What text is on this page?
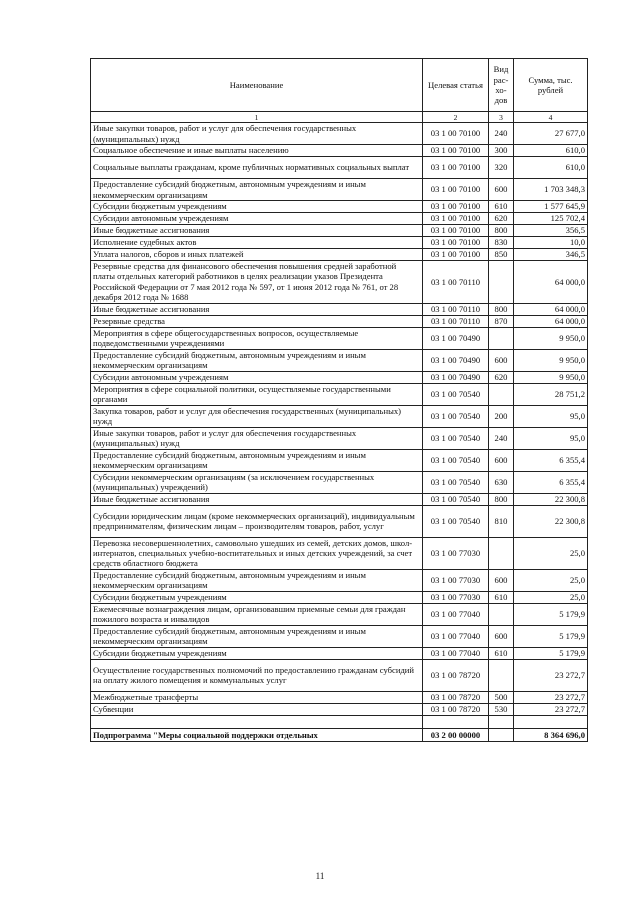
Наименование	Целевая статья	Вид рас-хо-дов	Сумма, тыс. рублей
1	2	3	4
Иные закупки товаров, работ и услуг для обеспечения государственных (муниципальных) нужд	03 1 00 70100	240	27 677,0
Социальное обеспечение и иные выплаты населению	03 1 00 70100	300	610,0
Социальные выплаты гражданам, кроме публичных нормативных социальных выплат	03 1 00 70100	320	610,0
Предоставление субсидий бюджетным, автономным учреждениям и иным некоммерческим организациям	03 1 00 70100	600	1 703 348,3
Субсидии бюджетным учреждениям	03 1 00 70100	610	1 577 645,9
Субсидии автономным учреждениям	03 1 00 70100	620	125 702,4
Иные бюджетные ассигнования	03 1 00 70100	800	356,5
Исполнение судебных актов	03 1 00 70100	830	10,0
Уплата налогов, сборов и иных платежей	03 1 00 70100	850	346,5
Резервные средства для финансового обеспечения повышения средней заработной платы отдельных категорий работников в целях реализации указов Президента Российской Федерации от 7 мая 2012 года № 597, от 1 июня 2012 года № 761, от 28 декабря 2012 года № 1688	03 1 00 70110		64 000,0
Иные бюджетные ассигнования	03 1 00 70110	800	64 000,0
Резервные средства	03 1 00 70110	870	64 000,0
Мероприятия в сфере общегосударственных вопросов, осуществляемые подведомственными учреждениями	03 1 00 70490		9 950,0
Предоставление субсидий бюджетным, автономным учреждениям и иным некоммерческим организациям	03 1 00 70490	600	9 950,0
Субсидии автономным учреждениям	03 1 00 70490	620	9 950,0
Мероприятия в сфере социальной политики, осуществляемые государственными органами	03 1 00 70540		28 751,2
Закупка товаров, работ и услуг для обеспечения государственных (муниципальных) нужд	03 1 00 70540	200	95,0
Иные закупки товаров, работ и услуг для обеспечения государственных (муниципальных) нужд	03 1 00 70540	240	95,0
Предоставление субсидий бюджетным, автономным учреждениям и иным некоммерческим организациям	03 1 00 70540	600	6 355,4
Субсидии некоммерческим организациям (за исключением государственных (муниципальных) учреждений)	03 1 00 70540	630	6 355,4
Иные бюджетные ассигнования	03 1 00 70540	800	22 300,8
Субсидии юридическим лицам (кроме некоммерческих организаций), индивидуальным предпринимателям, физическим лицам – производителям товаров, работ, услуг	03 1 00 70540	810	22 300,8
Перевозка несовершеннолетних, самовольно ушедших из семей, детских домов, школ-интернатов, специальных учебно-воспитательных и иных детских учреждений, за счет средств областного бюджета	03 1 00 77030		25,0
Предоставление субсидий бюджетным, автономным учреждениям и иным некоммерческим организациям	03 1 00 77030	600	25,0
Субсидии бюджетным учреждениям	03 1 00 77030	610	25,0
Ежемесячные вознаграждения лицам, организовавшим приемные семьи для граждан пожилого возраста и инвалидов	03 1 00 77040		5 179,9
Предоставление субсидий бюджетным, автономным учреждениям и иным некоммерческим организациям	03 1 00 77040	600	5 179,9
Субсидии бюджетным учреждениям	03 1 00 77040	610	5 179,9
Осуществление государственных полномочий по предоставлению гражданам субсидий на оплату жилого помещения и коммунальных услуг	03 1 00 78720		23 272,7
Межбюджетные трансферты	03 1 00 78720	500	23 272,7
Субвенции	03 1 00 78720	530	23 272,7

Подпрограмма "Меры социальной поддержки отдельных	03 2 00 00000		8 364 696,0
11
